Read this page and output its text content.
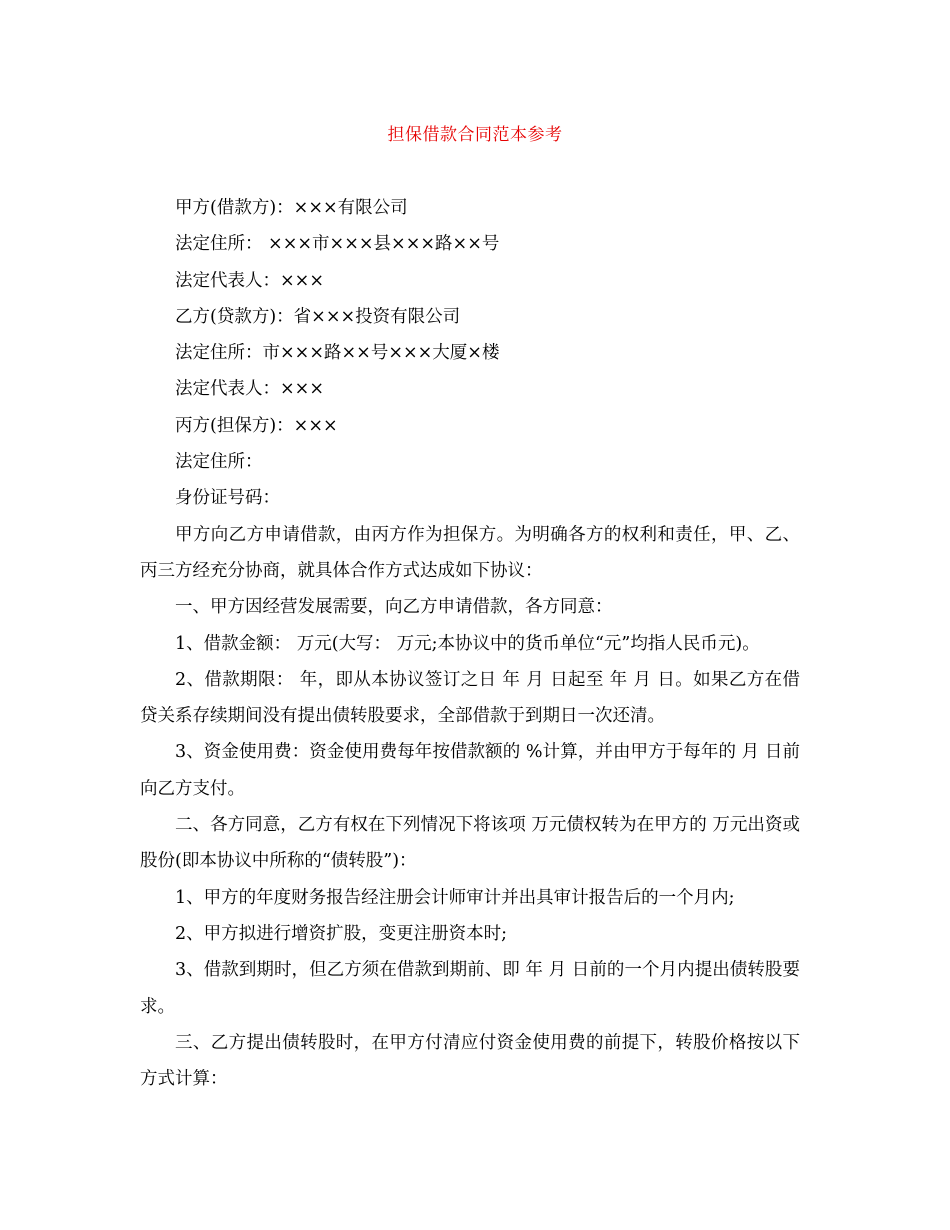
担保借款合同范本参考

甲方(借款方)：×××有限公司

法定住所： ×××市×××县×××路××号

法定代表人：×××

乙方(贷款方)：省×××投资有限公司

法定住所：市×××路××号×××大厦×楼

法定代表人：×××

丙方(担保方)：×××

法定住所：

身份证号码：

甲方向乙方申请借款，由丙方作为担保方。为明确各方的权利和责任，甲、乙、丙三方经充分协商，就具体合作方式达成如下协议：

一、甲方因经营发展需要，向乙方申请借款，各方同意：

1、借款金额： 万元(大写： 万元;本协议中的货币单位“元”均指人民币元)。

2、借款期限： 年，即从本协议签订之日 年 月 日起至 年 月 日。如果乙方在借贷关系存续期间没有提出债转股要求，全部借款于到期日一次还清。

3、资金使用费：资金使用费每年按借款额的 %计算，并由甲方于每年的 月 日前向乙方支付。

二、各方同意，乙方有权在下列情况下将该项 万元债权转为在甲方的 万元出资或股份(即本协议中所称的“债转股”)：

1、甲方的年度财务报告经注册会计师审计并出具审计报告后的一个月内;

2、甲方拟进行增资扩股，变更注册资本时;

3、借款到期时，但乙方须在借款到期前、即 年 月 日前的一个月内提出债转股要求。

三、乙方提出债转股时，在甲方付清应付资金使用费的前提下，转股价格按以下方式计算：
